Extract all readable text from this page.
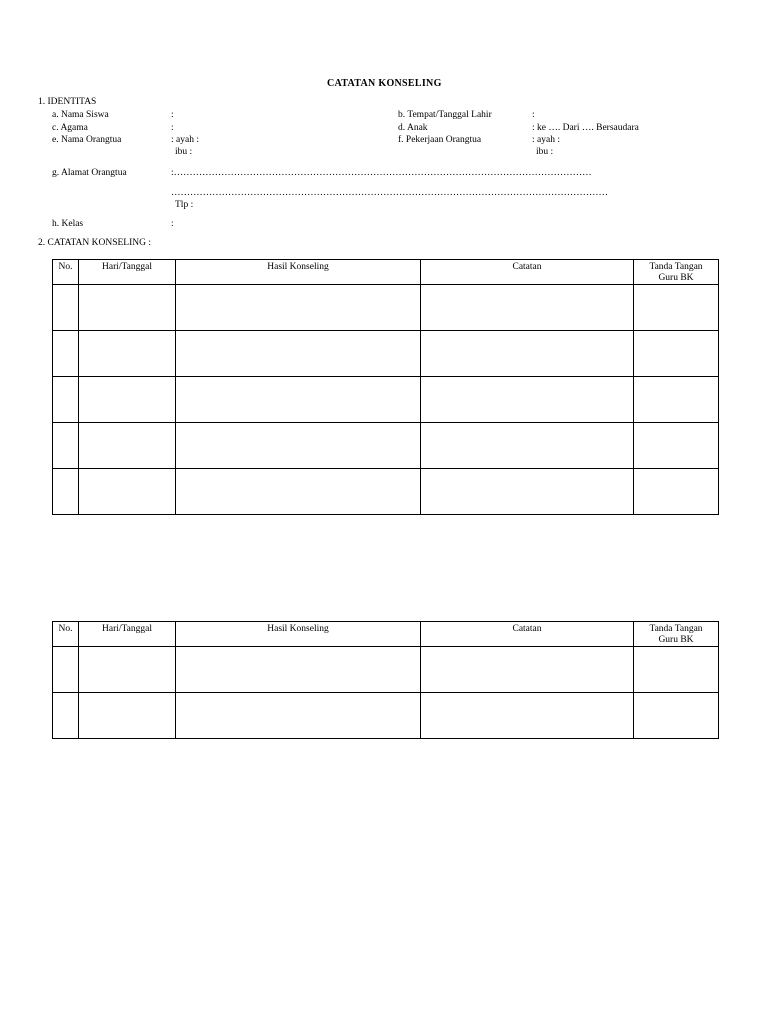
CATATAN KONSELING
1. IDENTITAS
a. Nama Siswa	:
c. Agama	:
e. Nama Orangtua	: ayah :
ibu :
b. Tempat/Tanggal Lahir	:
d. Anak	: ke …. Dari …. Bersaudara
f. Pekerjaan Orangtua	: ayah :
ibu :
g. Alamat Orangtua	:……………………………………………………………………………………………………………………
…………………………………………………………………………………………………………………………
Tlp :
h. Kelas	:
2. CATATAN KONSELING :
No.	Hari/Tanggal	Hasil Konseling	Catatan	Tanda Tangan
Guru BK

No.	Hari/Tanggal	Hasil Konseling	Catatan	Tanda Tangan
Guru BK
